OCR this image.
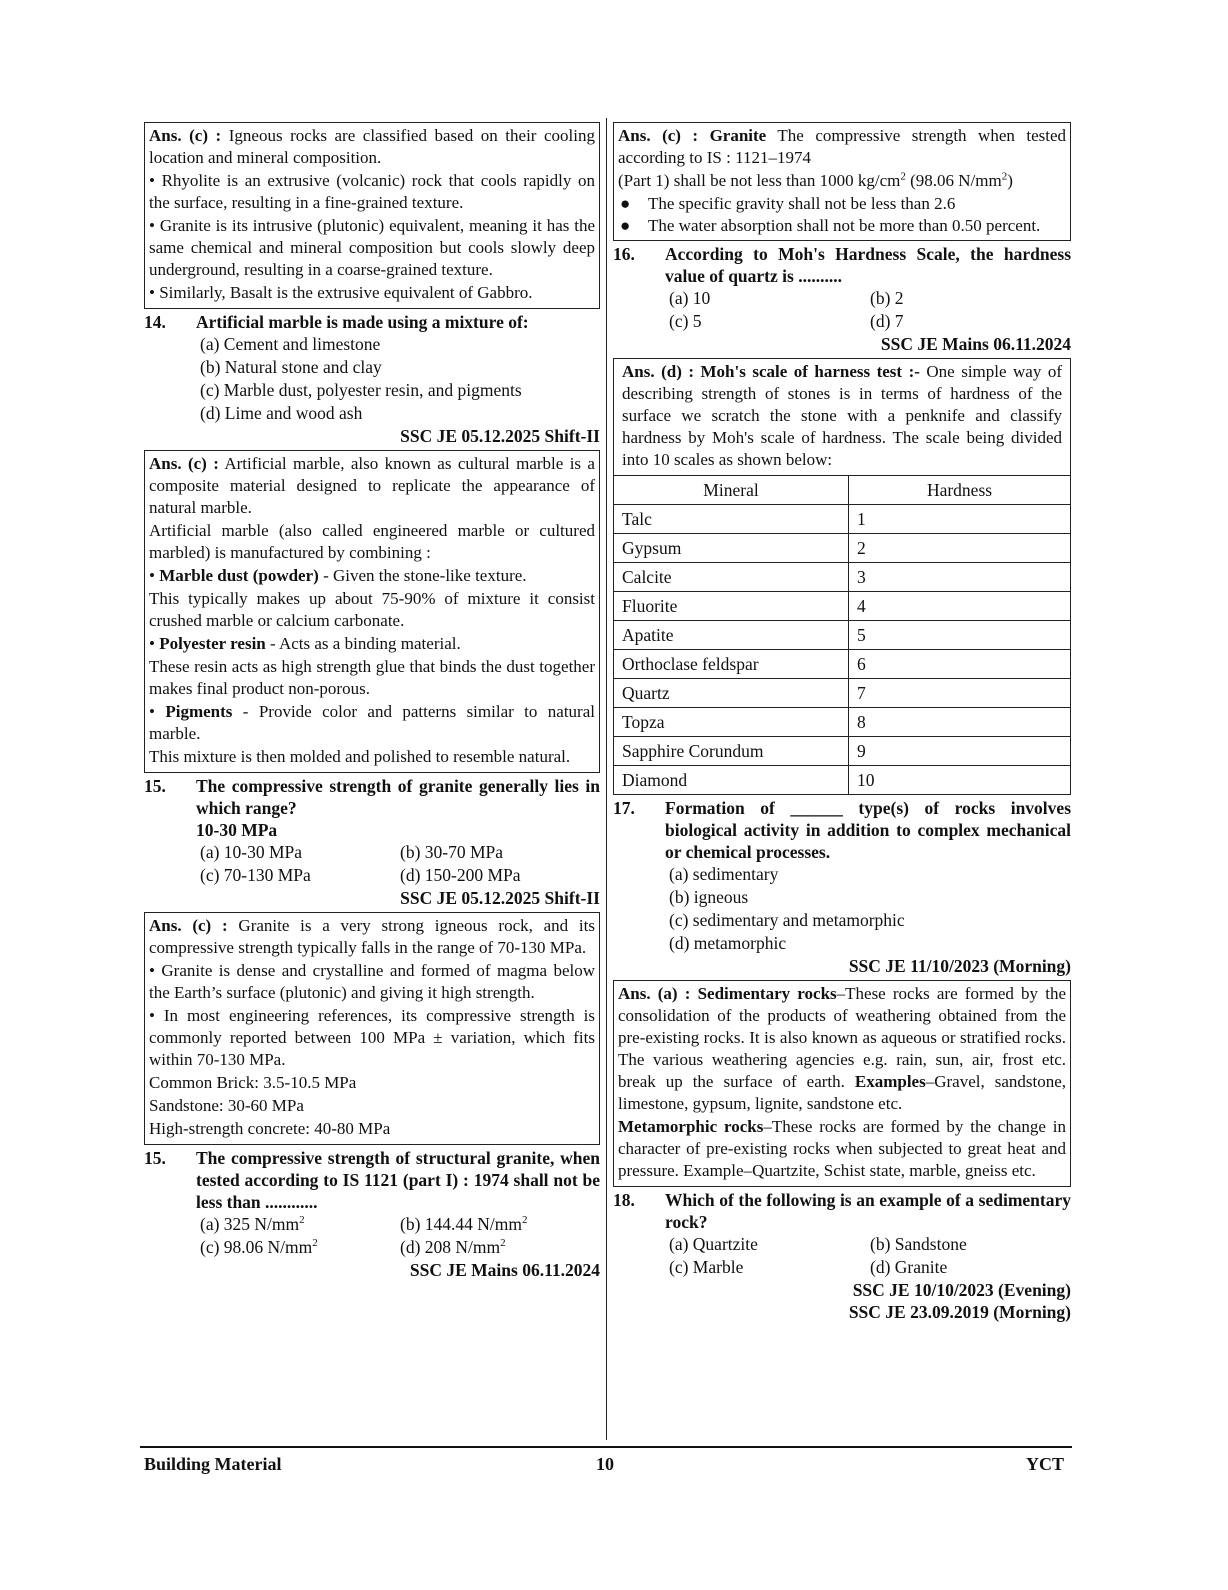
Ans. (c) : Igneous rocks are classified based on their cooling location and mineral composition.

• Rhyolite is an extrusive (volcanic) rock that cools rapidly on the surface, resulting in a fine-grained texture.

• Granite is its intrusive (plutonic) equivalent, meaning it has the same chemical and mineral composition but cools slowly deep underground, resulting in a coarse-grained texture.

• Similarly, Basalt is the extrusive equivalent of Gabbro.

14.	Artificial marble is made using a mixture of:
(a) Cement and limestone
(b) Natural stone and clay
(c) Marble dust, polyester resin, and pigments
(d) Lime and wood ash
SSC JE 05.12.2025 Shift-II

Ans. (c) : Artificial marble, also known as cultural marble is a composite material designed to replicate the appearance of natural marble.

Artificial marble (also called engineered marble or cultured marbled) is manufactured by combining :

• Marble dust (powder) - Given the stone-like texture.

This typically makes up about 75-90% of mixture it consist crushed marble or calcium carbonate.

• Polyester resin - Acts as a binding material.

These resin acts as high strength glue that binds the dust together makes final product non-porous.

• Pigments - Provide color and patterns similar to natural marble.

This mixture is then molded and polished to resemble natural.

15.	The compressive strength of granite generally lies in which range?
10-30 MPa
(a) 10-30 MPa	(b) 30-70 MPa
(c) 70-130 MPa	(d) 150-200 MPa
SSC JE 05.12.2025 Shift-II

Ans. (c) : Granite is a very strong igneous rock, and its compressive strength typically falls in the range of 70-130 MPa.

• Granite is dense and crystalline and formed of magma below the Earth’s surface (plutonic) and giving it high strength.

• In most engineering references, its compressive strength is commonly reported between 100 MPa ± variation, which fits within 70-130 MPa.

Common Brick: 3.5-10.5 MPa

Sandstone: 30-60 MPa

High-strength concrete: 40-80 MPa

15.	The compressive strength of structural granite, when tested according to IS 1121 (part I) : 1974 shall not be less than ............
(a) 325 $N/mm^2$	(b) 144.44 $N/mm^2$
(c) 98.06 $N/mm^2$	(d) 208 $N/mm^2$
SSC JE Mains 06.11.2024

Ans. (c) : Granite The compressive strength when tested according to IS : 1121–1974

(Part 1) shall be not less than 1000 $kg/cm^2$ (98.06 $N/mm^2$)

● The specific gravity shall not be less than 2.6

● The water absorption shall not be more than 0.50 percent.

16.	According to Moh's Hardness Scale, the hardness value of quartz is ..........
(a) 10	(b) 2
(c) 5	(d) 7
SSC JE Mains 06.11.2024

Ans. (d) : Moh's scale of harness test :- One simple way of describing strength of stones is in terms of hardness of the surface we scratch the stone with a penknife and classify hardness by Moh's scale of hardness. The scale being divided into 10 scales as shown below:

Mineral	Hardness
Talc	1
Gypsum	2
Calcite	3
Fluorite	4
Apatite	5
Orthoclase feldspar	6
Quartz	7
Topza	8
Sapphire Corundum	9
Diamond	10
17.	Formation of ______ type(s) of rocks involves biological activity in addition to complex mechanical or chemical processes.
(a) sedimentary
(b) igneous
(c) sedimentary and metamorphic
(d) metamorphic
SSC JE 11/10/2023 (Morning)

Ans. (a) : Sedimentary rocks–These rocks are formed by the consolidation of the products of weathering obtained from the pre-existing rocks. It is also known as aqueous or stratified rocks. The various weathering agencies e.g. rain, sun, air, frost etc. break up the surface of earth. Examples–Gravel, sandstone, limestone, gypsum, lignite, sandstone etc.

Metamorphic rocks–These rocks are formed by the change in character of pre-existing rocks when subjected to great heat and pressure. Example–Quartzite, Schist state, marble, gneiss etc.

18.	Which of the following is an example of a sedimentary rock?
(a) Quartzite	(b) Sandstone
(c) Marble	(d) Granite
SSC JE 10/10/2023 (Evening)
SSC JE 23.09.2019 (Morning)
Building Material	10	YCT
